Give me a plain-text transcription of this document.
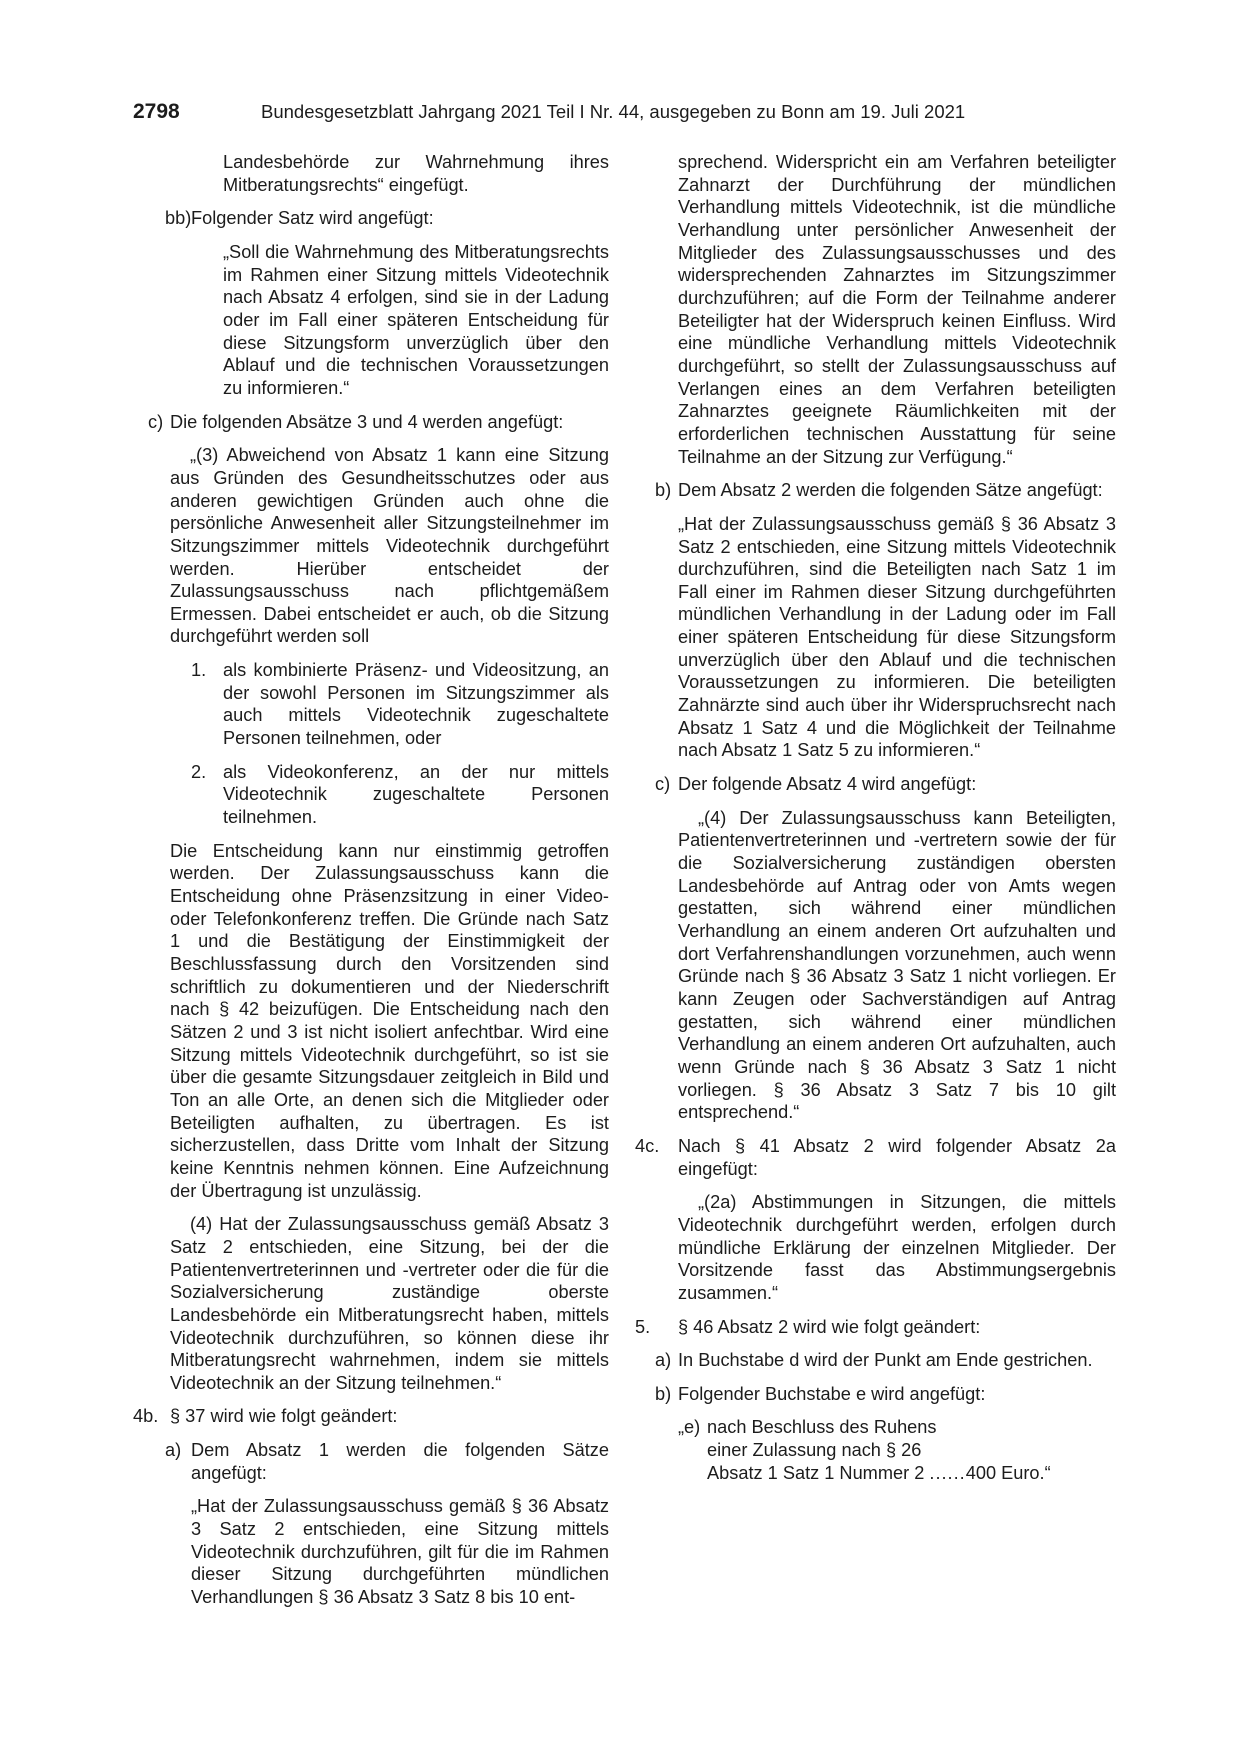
2798	Bundesgesetzblatt Jahrgang 2021 Teil I Nr. 44, ausgegeben zu Bonn am 19. Juli 2021

Landesbehörde zur Wahrnehmung ihres Mitberatungsrechts“ eingefügt.

bb) Folgender Satz wird angefügt:

„Soll die Wahrnehmung des Mitberatungsrechts im Rahmen einer Sitzung mittels Videotechnik nach Absatz 4 erfolgen, sind sie in der Ladung oder im Fall einer späteren Entscheidung für diese Sitzungsform unverzüglich über den Ablauf und die technischen Voraussetzungen zu informieren.“

c) Die folgenden Absätze 3 und 4 werden angefügt:

„(3) Abweichend von Absatz 1 kann eine Sitzung aus Gründen des Gesundheitsschutzes oder aus anderen gewichtigen Gründen auch ohne die persönliche Anwesenheit aller Sitzungsteilnehmer im Sitzungszimmer mittels Videotechnik durchgeführt werden. Hierüber entscheidet der Zulassungsausschuss nach pflichtgemäßem Ermessen. Dabei entscheidet er auch, ob die Sitzung durchgeführt werden soll

1. als kombinierte Präsenz- und Videositzung, an der sowohl Personen im Sitzungszimmer als auch mittels Videotechnik zugeschaltete Personen teilnehmen, oder

2. als Videokonferenz, an der nur mittels Videotechnik zugeschaltete Personen teilnehmen.

Die Entscheidung kann nur einstimmig getroffen werden. Der Zulassungsausschuss kann die Entscheidung ohne Präsenzsitzung in einer Video- oder Telefonkonferenz treffen. Die Gründe nach Satz 1 und die Bestätigung der Einstimmigkeit der Beschlussfassung durch den Vorsitzenden sind schriftlich zu dokumentieren und der Niederschrift nach § 42 beizufügen. Die Entscheidung nach den Sätzen 2 und 3 ist nicht isoliert anfechtbar. Wird eine Sitzung mittels Videotechnik durchgeführt, so ist sie über die gesamte Sitzungsdauer zeitgleich in Bild und Ton an alle Orte, an denen sich die Mitglieder oder Beteiligten aufhalten, zu übertragen. Es ist sicherzustellen, dass Dritte vom Inhalt der Sitzung keine Kenntnis nehmen können. Eine Aufzeichnung der Übertragung ist unzulässig.

(4) Hat der Zulassungsausschuss gemäß Absatz 3 Satz 2 entschieden, eine Sitzung, bei der die Patientenvertreterinnen und -vertreter oder die für die Sozialversicherung zuständige oberste Landesbehörde ein Mitberatungsrecht haben, mittels Videotechnik durchzuführen, so können diese ihr Mitberatungsrecht wahrnehmen, indem sie mittels Videotechnik an der Sitzung teilnehmen.“

4b. § 37 wird wie folgt geändert:

a) Dem Absatz 1 werden die folgenden Sätze angefügt:

„Hat der Zulassungsausschuss gemäß § 36 Absatz 3 Satz 2 entschieden, eine Sitzung mittels Videotechnik durchzuführen, gilt für die im Rahmen dieser Sitzung durchgeführten mündlichen Verhandlungen § 36 Absatz 3 Satz 8 bis 10 ent-

sprechend. Widerspricht ein am Verfahren beteiligter Zahnarzt der Durchführung der mündlichen Verhandlung mittels Videotechnik, ist die mündliche Verhandlung unter persönlicher Anwesenheit der Mitglieder des Zulassungsausschusses und des widersprechenden Zahnarztes im Sitzungszimmer durchzuführen; auf die Form der Teilnahme anderer Beteiligter hat der Widerspruch keinen Einfluss. Wird eine mündliche Verhandlung mittels Videotechnik durchgeführt, so stellt der Zulassungsausschuss auf Verlangen eines an dem Verfahren beteiligten Zahnarztes geeignete Räumlichkeiten mit der erforderlichen technischen Ausstattung für seine Teilnahme an der Sitzung zur Verfügung.“

b) Dem Absatz 2 werden die folgenden Sätze angefügt:

„Hat der Zulassungsausschuss gemäß § 36 Absatz 3 Satz 2 entschieden, eine Sitzung mittels Videotechnik durchzuführen, sind die Beteiligten nach Satz 1 im Fall einer im Rahmen dieser Sitzung durchgeführten mündlichen Verhandlung in der Ladung oder im Fall einer späteren Entscheidung für diese Sitzungsform unverzüglich über den Ablauf und die technischen Voraussetzungen zu informieren. Die beteiligten Zahnärzte sind auch über ihr Widerspruchsrecht nach Absatz 1 Satz 4 und die Möglichkeit der Teilnahme nach Absatz 1 Satz 5 zu informieren.“

c) Der folgende Absatz 4 wird angefügt:

„(4) Der Zulassungsausschuss kann Beteiligten, Patientenvertreterinnen und -vertretern sowie der für die Sozialversicherung zuständigen obersten Landesbehörde auf Antrag oder von Amts wegen gestatten, sich während einer mündlichen Verhandlung an einem anderen Ort aufzuhalten und dort Verfahrenshandlungen vorzunehmen, auch wenn Gründe nach § 36 Absatz 3 Satz 1 nicht vorliegen. Er kann Zeugen oder Sachverständigen auf Antrag gestatten, sich während einer mündlichen Verhandlung an einem anderen Ort aufzuhalten, auch wenn Gründe nach § 36 Absatz 3 Satz 1 nicht vorliegen. § 36 Absatz 3 Satz 7 bis 10 gilt entsprechend.“

4c. Nach § 41 Absatz 2 wird folgender Absatz 2a eingefügt:

„(2a) Abstimmungen in Sitzungen, die mittels Videotechnik durchgeführt werden, erfolgen durch mündliche Erklärung der einzelnen Mitglieder. Der Vorsitzende fasst das Abstimmungsergebnis zusammen.“

5. § 46 Absatz 2 wird wie folgt geändert:

a) In Buchstabe d wird der Punkt am Ende gestrichen.

b) Folgender Buchstabe e wird angefügt:

„e) nach Beschluss des Ruhens
einer Zulassung nach § 26
Absatz 1 Satz 1 Nummer 2 ......400 Euro.“
